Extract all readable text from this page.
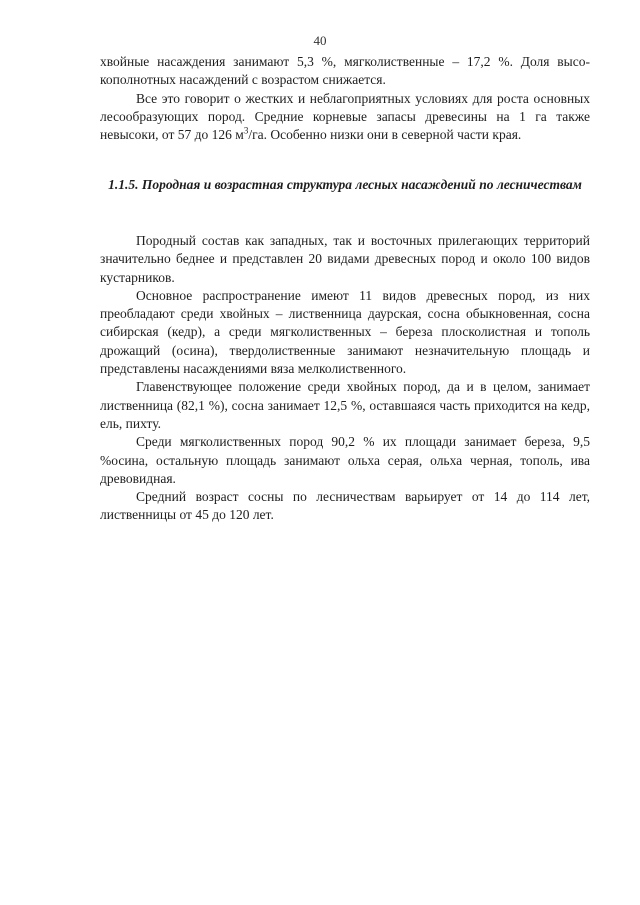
40

хвойные насаждения занимают 5,3 %, мягколиственные – 17,2 %. Доля высокополнотных насаждений с возрастом снижается.

Все это говорит о жестких и неблагоприятных условиях для роста основных лесообразующих пород. Средние корневые запасы древесины на 1 га также невысоки, от 57 до 126 $м^3/га$. Особенно низки они в северной части края.

1.1.5. Породная и возрастная структура лесных насаждений по лесничествам

Породный состав как западных, так и восточных прилегающих территорий значительно беднее и представлен 20 видами древесных пород и около 100 видов кустарников.

Основное распространение имеют 11 видов древесных пород, из них преобладают среди хвойных – лиственница даурская, сосна обыкновенная, сосна сибирская (кедр), а среди мягколиственных – береза плосколистная и тополь дрожащий (осина), твердолиственные занимают незначительную площадь и представлены насаждениями вяза мелколиственного.

Главенствующее положение среди хвойных пород, да и в целом, занимает лиственница (82,1 %), сосна занимает 12,5 %, оставшаяся часть приходится на кедр, ель, пихту.

Среди мягколиственных пород 90,2 % их площади занимает береза, 9,5 %осина, остальную площадь занимают ольха серая, ольха черная, тополь, ива древовидная.

Средний возраст сосны по лесничествам варьирует от 14 до 114 лет, лиственницы от 45 до 120 лет.
